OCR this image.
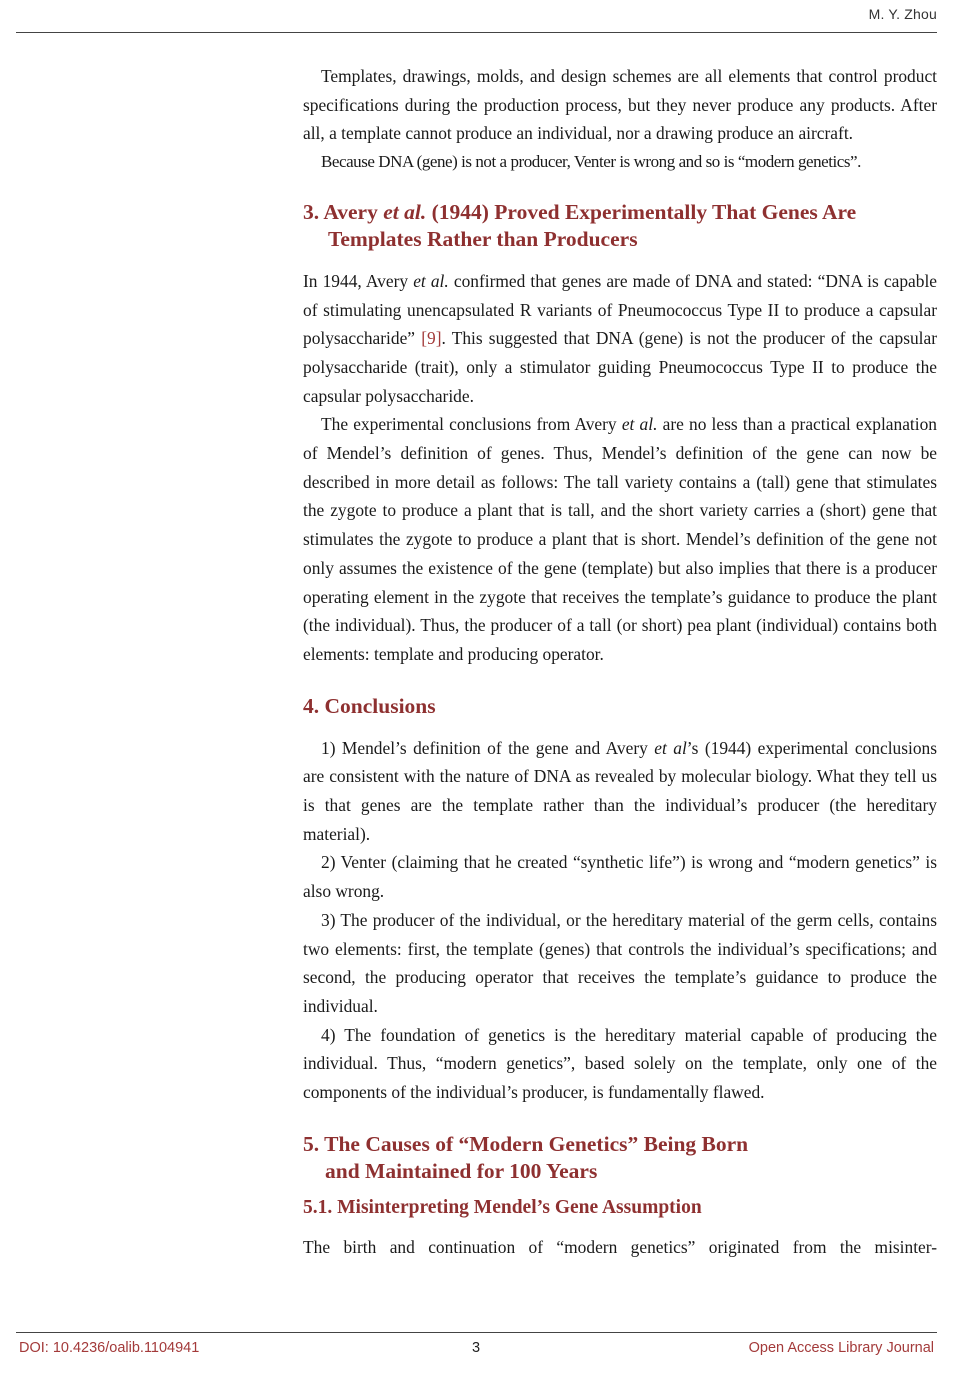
M. Y. Zhou

Templates, drawings, molds, and design schemes are all elements that control product specifications during the production process, but they never produce any products. After all, a template cannot produce an individual, nor a drawing produce an aircraft.

Because DNA (gene) is not a producer, Venter is wrong and so is “modern genetics”.

3. Avery et al. (1944) Proved Experimentally That Genes Are
Templates Rather than Producers

In 1944, Avery et al. confirmed that genes are made of DNA and stated: “DNA is capable of stimulating unencapsulated R variants of Pneumococcus Type II to produce a capsular polysaccharide” [9]. This suggested that DNA (gene) is not the producer of the capsular polysaccharide (trait), only a stimulator guiding Pneumococcus Type II to produce the capsular polysaccharide.

The experimental conclusions from Avery et al. are no less than a practical explanation of Mendel’s definition of genes. Thus, Mendel’s definition of the gene can now be described in more detail as follows: The tall variety contains a (tall) gene that stimulates the zygote to produce a plant that is tall, and the short variety carries a (short) gene that stimulates the zygote to produce a plant that is short. Mendel’s definition of the gene not only assumes the existence of the gene (template) but also implies that there is a producer operating element in the zygote that receives the template’s guidance to produce the plant (the individual). Thus, the producer of a tall (or short) pea plant (individual) contains both elements: template and producing operator.

4. Conclusions

1) Mendel’s definition of the gene and Avery et al’s (1944) experimental conclusions are consistent with the nature of DNA as revealed by molecular biology. What they tell us is that genes are the template rather than the individual’s producer (the hereditary material).

2) Venter (claiming that he created “synthetic life”) is wrong and “modern genetics” is also wrong.

3) The producer of the individual, or the hereditary material of the germ cells, contains two elements: first, the template (genes) that controls the individual’s specifications; and second, the producing operator that receives the template’s guidance to produce the individual.

4) The foundation of genetics is the hereditary material capable of producing the individual. Thus, “modern genetics”, based solely on the template, only one of the components of the individual’s producer, is fundamentally flawed.

5. The Causes of “Modern Genetics” Being Born
and Maintained for 100 Years
5.1. Misinterpreting Mendel’s Gene Assumption

The birth and continuation of “modern genetics” originated from the misinter-

DOI: 10.4236/oalib.1104941	3	Open Access Library Journal
